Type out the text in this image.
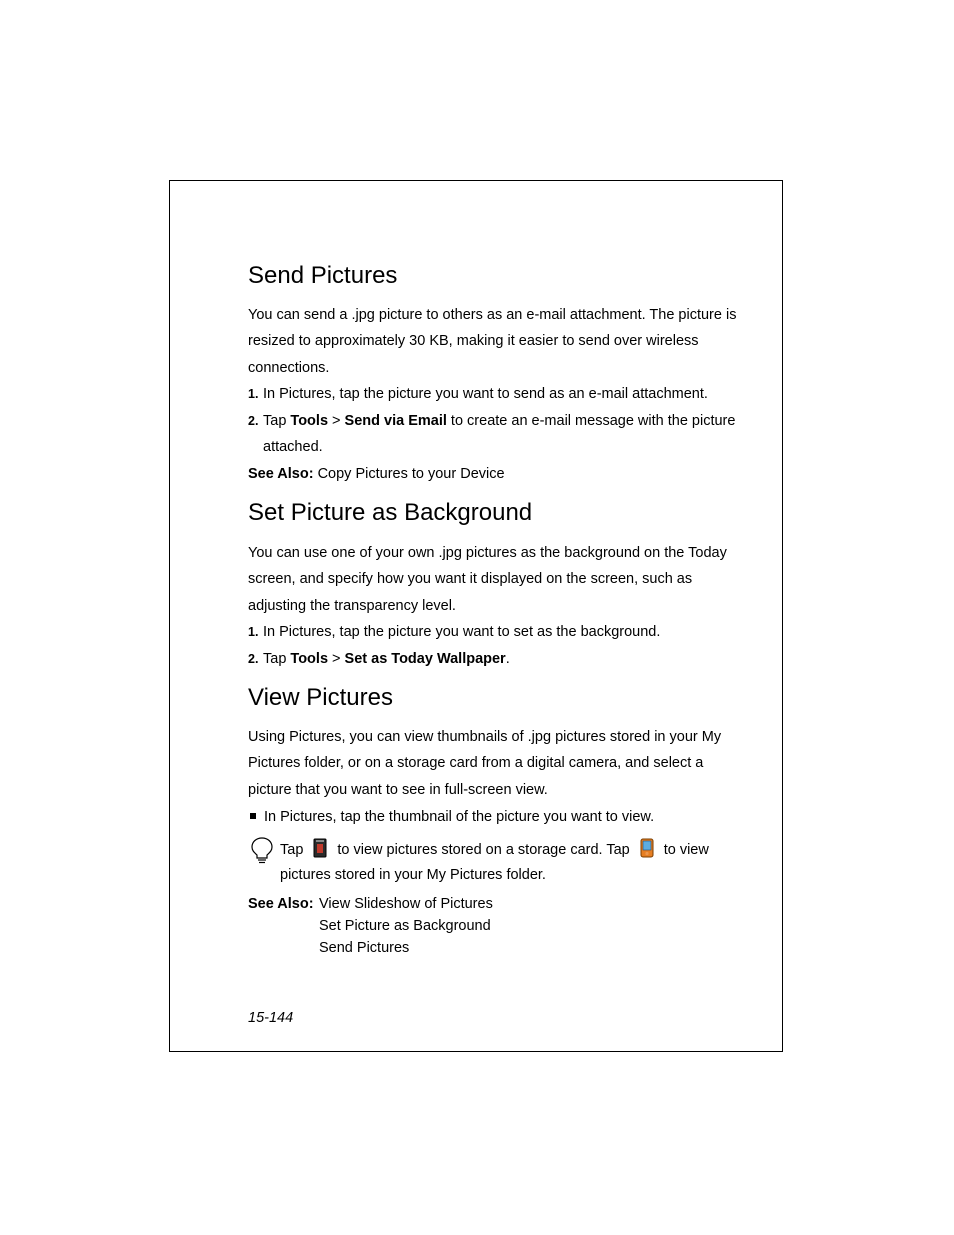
Send Pictures

You can send a .jpg picture to others as an e-mail attachment. The picture is resized to approximately 30 KB, making it easier to send over wireless connections.

1. In Pictures, tap the picture you want to send as an e-mail attachment.
2. Tap Tools > Send via Email to create an e-mail message with the picture
attached.
See Also: Copy Pictures to your Device
Set Picture as Background

You can use one of your own .jpg pictures as the background on the Today screen, and specify how you want it displayed on the screen, such as adjusting the transparency level.

1. In Pictures, tap the picture you want to set as the background.
2. Tap Tools > Set as Today Wallpaper.
View Pictures

Using Pictures, you can view thumbnails of .jpg pictures stored in your My Pictures folder, or on a storage card from a digital camera, and select a picture that you want to see in full-screen view.

In Pictures, tap the thumbnail of the picture you want to view.
Tap to view pictures stored on a storage card. Tap to view
pictures stored in your My Pictures folder.
See Also: View Slideshow of Pictures
Set Picture as Background
Send Pictures
15-144
